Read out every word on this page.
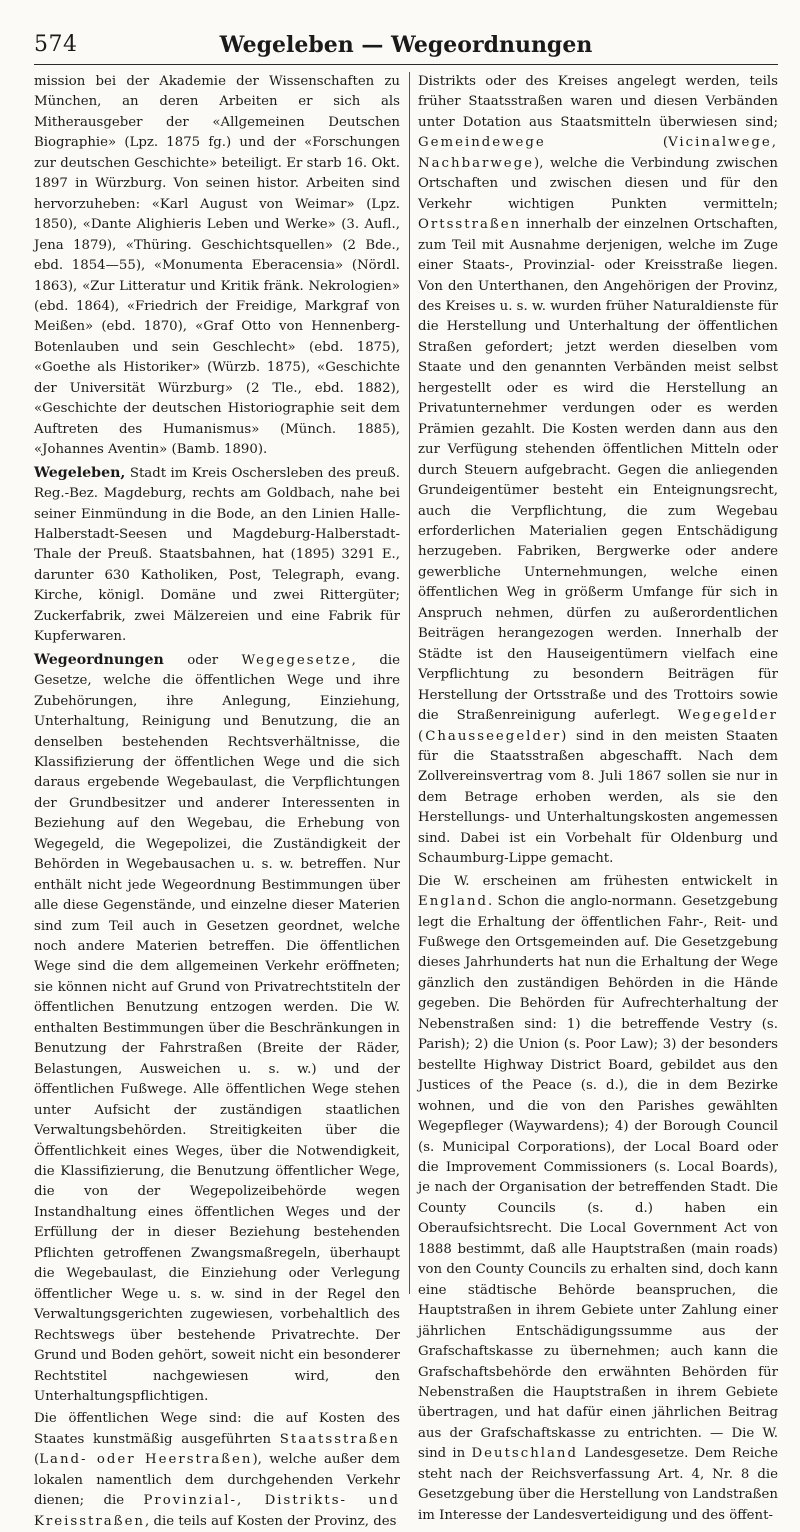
574	Wegeleben — Wegeordnungen

mission bei der Akademie der Wissenschaften zu München, an deren Arbeiten er sich als Mitherausgeber der «Allgemeinen Deutschen Biographie» (Lpz. 1875 fg.) und der «Forschungen zur deutschen Geschichte» beteiligt. Er starb 16. Okt. 1897 in Würzburg. Von seinen histor. Arbeiten sind hervorzuheben: «Karl August von Weimar» (Lpz. 1850), «Dante Alighieris Leben und Werke» (3. Aufl., Jena 1879), «Thüring. Geschichtsquellen» (2 Bde., ebd. 1854—55), «Monumenta Eberacensia» (Nördl. 1863), «Zur Litteratur und Kritik fränk. Nekrologien» (ebd. 1864), «Friedrich der Freidige, Markgraf von Meißen» (ebd. 1870), «Graf Otto von Hennenberg-Botenlauben und sein Geschlecht» (ebd. 1875), «Goethe als Historiker» (Würzb. 1875), «Geschichte der Universität Würzburg» (2 Tle., ebd. 1882), «Geschichte der deutschen Historiographie seit dem Auftreten des Humanismus» (Münch. 1885), «Johannes Aventin» (Bamb. 1890).

Wegeleben, Stadt im Kreis Oschersleben des preuß. Reg.-Bez. Magdeburg, rechts am Goldbach, nahe bei seiner Einmündung in die Bode, an den Linien Halle-Halberstadt-Seesen und Magdeburg-Halberstadt-Thale der Preuß. Staatsbahnen, hat (1895) 3291 E., darunter 630 Katholiken, Post, Telegraph, evang. Kirche, königl. Domäne und zwei Rittergüter; Zuckerfabrik, zwei Mälzereien und eine Fabrik für Kupferwaren.

Wegeordnungen oder Wegegesetze, die Gesetze, welche die öffentlichen Wege und ihre Zubehörungen, ihre Anlegung, Einziehung, Unterhaltung, Reinigung und Benutzung, die an denselben bestehenden Rechtsverhältnisse, die Klassifizierung der öffentlichen Wege und die sich daraus ergebende Wegebaulast, die Verpflichtungen der Grundbesitzer und anderer Interessenten in Beziehung auf den Wegebau, die Erhebung von Wegegeld, die Wegepolizei, die Zuständigkeit der Behörden in Wegebausachen u. s. w. betreffen. Nur enthält nicht jede Wegeordnung Bestimmungen über alle diese Gegenstände, und einzelne dieser Materien sind zum Teil auch in Gesetzen geordnet, welche noch andere Materien betreffen. Die öffentlichen Wege sind die dem allgemeinen Verkehr eröffneten; sie können nicht auf Grund von Privatrechtstiteln der öffentlichen Benutzung entzogen werden. Die W. enthalten Bestimmungen über die Beschränkungen in Benutzung der Fahrstraßen (Breite der Räder, Belastungen, Ausweichen u. s. w.) und der öffentlichen Fußwege. Alle öffentlichen Wege stehen unter Aufsicht der zuständigen staatlichen Verwaltungsbehörden. Streitigkeiten über die Öffentlichkeit eines Weges, über die Notwendigkeit, die Klassifizierung, die Benutzung öffentlicher Wege, die von der Wegepolizeibehörde wegen Instandhaltung eines öffentlichen Weges und der Erfüllung der in dieser Beziehung bestehenden Pflichten getroffenen Zwangsmaßregeln, überhaupt die Wegebaulast, die Einziehung oder Verlegung öffentlicher Wege u. s. w. sind in der Regel den Verwaltungsgerichten zugewiesen, vorbehaltlich des Rechtswegs über bestehende Privatrechte. Der Grund und Boden gehört, soweit nicht ein besonderer Rechtstitel nachgewiesen wird, den Unterhaltungspflichtigen.

Die öffentlichen Wege sind: die auf Kosten des Staates kunstmäßig ausgeführten Staatsstraßen (Land- oder Heerstraßen), welche außer dem lokalen namentlich dem durchgehenden Verkehr dienen; die Provinzial-, Distrikts- und Kreisstraßen, die teils auf Kosten der Provinz, des

Distrikts oder des Kreises angelegt werden, teils früher Staatsstraßen waren und diesen Verbänden unter Dotation aus Staatsmitteln überwiesen sind; Gemeindewege (Vicinalwege, Nachbarwege), welche die Verbindung zwischen Ortschaften und zwischen diesen und für den Verkehr wichtigen Punkten vermitteln; Ortsstraßen innerhalb der einzelnen Ortschaften, zum Teil mit Ausnahme derjenigen, welche im Zuge einer Staats-, Provinzial- oder Kreisstraße liegen. Von den Unterthanen, den Angehörigen der Provinz, des Kreises u. s. w. wurden früher Naturaldienste für die Herstellung und Unterhaltung der öffentlichen Straßen gefordert; jetzt werden dieselben vom Staate und den genannten Verbänden meist selbst hergestellt oder es wird die Herstellung an Privatunternehmer verdungen oder es werden Prämien gezahlt. Die Kosten werden dann aus den zur Verfügung stehenden öffentlichen Mitteln oder durch Steuern aufgebracht. Gegen die anliegenden Grundeigentümer besteht ein Enteignungsrecht, auch die Verpflichtung, die zum Wegebau erforderlichen Materialien gegen Entschädigung herzugeben. Fabriken, Bergwerke oder andere gewerbliche Unternehmungen, welche einen öffentlichen Weg in größerm Umfange für sich in Anspruch nehmen, dürfen zu außerordentlichen Beiträgen herangezogen werden. Innerhalb der Städte ist den Hauseigentümern vielfach eine Verpflichtung zu besondern Beiträgen für Herstellung der Ortsstraße und des Trottoirs sowie die Straßenreinigung auferlegt. Wegegelder (Chausseegelder) sind in den meisten Staaten für die Staatsstraßen abgeschafft. Nach dem Zollvereinsvertrag vom 8. Juli 1867 sollen sie nur in dem Betrage erhoben werden, als sie den Herstellungs- und Unterhaltungskosten angemessen sind. Dabei ist ein Vorbehalt für Oldenburg und Schaumburg-Lippe gemacht.

Die W. erscheinen am frühesten entwickelt in England. Schon die anglo-normann. Gesetzgebung legt die Erhaltung der öffentlichen Fahr-, Reit- und Fußwege den Ortsgemeinden auf. Die Gesetzgebung dieses Jahrhunderts hat nun die Erhaltung der Wege gänzlich den zuständigen Behörden in die Hände gegeben. Die Behörden für Aufrechterhaltung der Nebenstraßen sind: 1) die betreffende Vestry (s. Parish); 2) die Union (s. Poor Law); 3) der besonders bestellte Highway District Board, gebildet aus den Justices of the Peace (s. d.), die in dem Bezirke wohnen, und die von den Parishes gewählten Wegepfleger (Waywardens); 4) der Borough Council (s. Municipal Corporations), der Local Board oder die Improvement Commissioners (s. Local Boards), je nach der Organisation der betreffenden Stadt. Die County Councils (s. d.) haben ein Oberaufsichtsrecht. Die Local Government Act von 1888 bestimmt, daß alle Hauptstraßen (main roads) von den County Councils zu erhalten sind, doch kann eine städtische Behörde beanspruchen, die Hauptstraßen in ihrem Gebiete unter Zahlung einer jährlichen Entschädigungssumme aus der Grafschaftskasse zu übernehmen; auch kann die Grafschaftsbehörde den erwähnten Behörden für Nebenstraßen die Hauptstraßen in ihrem Gebiete übertragen, und hat dafür einen jährlichen Beitrag aus der Grafschaftskasse zu entrichten. — Die W. sind in Deutschland Landesgesetze. Dem Reiche steht nach der Reichsverfassung Art. 4, Nr. 8 die Gesetzgebung über die Herstellung von Landstraßen im Interesse der Landesverteidigung und des öffent-
